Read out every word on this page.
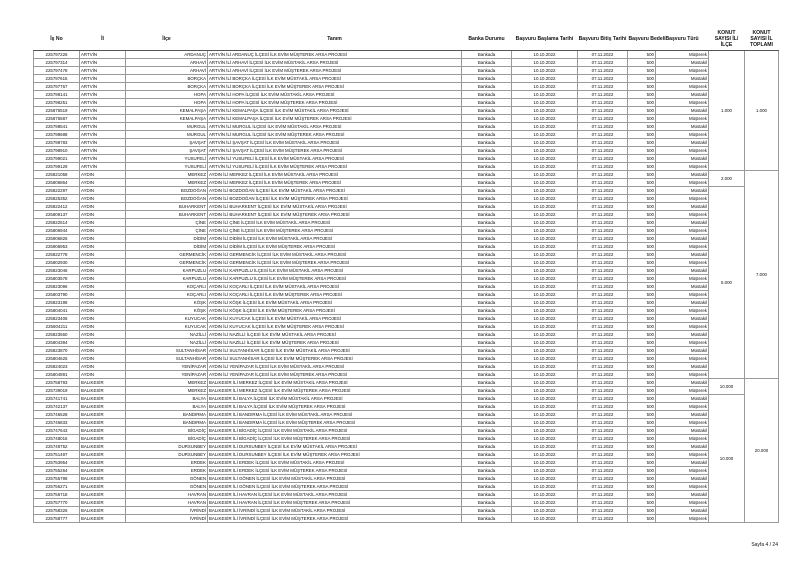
İş No	İl	İlçe	Tanım	Banka Durumu	Başvuru Başlama Tarihi	Başvuru Bitiş Tarihi	Başvuru Bedeli	Başvuru Türü	KONUT SAYISI İL/İLÇE	KONUT SAYISI İL TOPLAMI
225797226	ARTVİN	ARDANUÇ	ARTVİN İLİ ARDANUÇ İLÇESİ İLK EVİM MÜŞTEREK ARSA PROJESİ	Bankada	10.10.2022	07.11.2022	500	Müşterek	1.000	1.000
225797314	ARTVİN	ARHAVİ	ARTVİN İLİ ARHAVİ İLÇESİ İLK EVİM MÜSTAKİL ARSA PROJESİ	Bankada	10.10.2022	07.11.2022	500	Müstakil		
225797478	ARTVİN	ARHAVİ	ARTVİN İLİ ARHAVİ İLÇESİ İLK EVİM MÜŞTEREK ARSA PROJESİ	Bankada	10.10.2022	07.11.2022	500	Müşterek		
225797615	ARTVİN	BORÇKA	ARTVİN İLİ BORÇKA İLÇESİ İLK EVİM MÜSTAKİL ARSA PROJESİ	Bankada	10.10.2022	07.11.2022	500	Müstakil		
225797767	ARTVİN	BORÇKA	ARTVİN İLİ BORÇKA İLÇESİ İLK EVİM MÜŞTEREK ARSA PROJESİ	Bankada	10.10.2022	07.11.2022	500	Müşterek		
225798141	ARTVİN	HOPA	ARTVİN İLİ HOPA İLÇESİ İLK EVİM MÜSTAKİL ARSA PROJESİ	Bankada	10.10.2022	07.11.2022	500	Müstakil		
225798251	ARTVİN	HOPA	ARTVİN İLİ HOPA İLÇESİ İLK EVİM MÜŞTEREK ARSA PROJESİ	Bankada	10.10.2022	07.11.2022	500	Müşterek		
225875519	ARTVİN	KEMALPAŞA	ARTVİN İLİ KEMALPAŞA İLÇESİ İLK EVİM MÜSTAKİL ARSA PROJESİ	Bankada	10.10.2022	07.11.2022	500	Müstakil		
225875587	ARTVİN	KEMALPAŞA	ARTVİN İLİ KEMALPAŞA İLÇESİ İLK EVİM MÜŞTEREK ARSA PROJESİ	Bankada	10.10.2022	07.11.2022	500	Müşterek		
225798541	ARTVİN	MURGUL	ARTVİN İLİ MURGUL İLÇESİ İLK EVİM MÜSTAKİL ARSA PROJESİ	Bankada	10.10.2022	07.11.2022	500	Müstakil		
225798688	ARTVİN	MURGUL	ARTVİN İLİ MURGUL İLÇESİ İLK EVİM MÜŞTEREK ARSA PROJESİ	Bankada	10.10.2022	07.11.2022	500	Müşterek		
225798783	ARTVİN	ŞAVŞAT	ARTVİN İLİ ŞAVŞAT İLÇESİ İLK EVİM MÜSTAKİL ARSA PROJESİ	Bankada	10.10.2022	07.11.2022	500	Müstakil		
225798910	ARTVİN	ŞAVŞAT	ARTVİN İLİ ŞAVŞAT İLÇESİ İLK EVİM MÜŞTEREK ARSA PROJESİ	Bankada	10.10.2022	07.11.2022	500	Müşterek		
225799021	ARTVİN	YUSUFELİ	ARTVİN İLİ YUSUFELİ İLÇESİ İLK EVİM MÜSTAKİL ARSA PROJESİ	Bankada	10.10.2022	07.11.2022	500	Müstakil		
225799129	ARTVİN	YUSUFELİ	ARTVİN İLİ YUSUFELİ İLÇESİ İLK EVİM MÜŞTEREK ARSA PROJESİ	Bankada	10.10.2022	07.11.2022	500	Müşterek		
225821058	AYDIN	MERKEZ	AYDIN İLİ MERKEZ İLÇESİ İLK EVİM MÜSTAKİL ARSA PROJESİ	Bankada	10.10.2022	07.11.2022	500	Müstakil	2.000	7.000
225806864	AYDIN	MERKEZ	AYDIN İLİ MERKEZ İLÇESİ İLK EVİM MÜŞTEREK ARSA PROJESİ	Bankada	10.10.2022	07.11.2022	500	Müşterek		
225822297	AYDIN	BOZDOĞAN	AYDIN İLİ BOZDOĞAN İLÇESİ İLK EVİM MÜSTAKİL ARSA PROJESİ	Bankada	10.10.2022	07.11.2022	500	Müstakil	5.000	
225825352	AYDIN	BOZDOĞAN	AYDIN İLİ BOZDOĞAN İLÇESİ İLK EVİM MÜŞTEREK ARSA PROJESİ	Bankada	10.10.2022	07.11.2022	500	Müşterek		
225822412	AYDIN	BUHARKENT	AYDIN İLİ BUHARKENT İLÇESİ İLK EVİM MÜSTAKİL ARSA PROJESİ	Bankada	10.10.2022	07.11.2022	500	Müstakil		
225809137	AYDIN	BUHARKENT	AYDIN İLİ BUHARKENT İLÇESİ İLK EVİM MÜŞTEREK ARSA PROJESİ	Bankada	10.10.2022	07.11.2022	500	Müşterek		
225822514	AYDIN	ÇİNE	AYDIN İLİ ÇİNE İLÇESİ İLK EVİM MÜSTAKİL ARSA PROJESİ	Bankada	10.10.2022	07.11.2022	500	Müstakil		
225806944	AYDIN	ÇİNE	AYDIN İLİ ÇİNE İLÇESİ İLK EVİM MÜŞTEREK ARSA PROJESİ	Bankada	10.10.2022	07.11.2022	500	Müşterek		
225906826	AYDIN	DİDİM	AYDIN İLİ DİDİM İLÇESİ İLK EVİM MÜSTAKİL ARSA PROJESİ	Bankada	10.10.2022	07.11.2022	500	Müstakil		
225906953	AYDIN	DİDİM	AYDIN İLİ DİDİM İLÇESİ İLK EVİM MÜŞTEREK ARSA PROJESİ	Bankada	10.10.2022	07.11.2022	500	Müşterek		
225822778	AYDIN	GERMENCİK	AYDIN İLİ GERMENCİK İLÇESİ İLK EVİM MÜSTAKİL ARSA PROJESİ	Bankada	10.10.2022	07.11.2022	500	Müstakil		
225802930	AYDIN	GERMENCİK	AYDIN İLİ GERMENCİK İLÇESİ İLK EVİM MÜŞTEREK ARSA PROJESİ	Bankada	10.10.2022	07.11.2022	500	Müşterek		
225823046	AYDIN	KARPUZLU	AYDIN İLİ KARPUZLU İLÇESİ İLK EVİM MÜSTAKİL ARSA PROJESİ	Bankada	10.10.2022	07.11.2022	500	Müstakil		
225803578	AYDIN	KARPUZLU	AYDIN İLİ KARPUZLU İLÇESİ İLK EVİM MÜŞTEREK ARSA PROJESİ	Bankada	10.10.2022	07.11.2022	500	Müşterek		
225823096	AYDIN	KOÇARLI	AYDIN İLİ KOÇARLI İLÇESİ İLK EVİM MÜSTAKİL ARSA PROJESİ	Bankada	10.10.2022	07.11.2022	500	Müstakil		
225803790	AYDIN	KOÇARLI	AYDIN İLİ KOÇARLI İLÇESİ İLK EVİM MÜŞTEREK ARSA PROJESİ	Bankada	10.10.2022	07.11.2022	500	Müşterek		
225823198	AYDIN	KÖŞK	AYDIN İLİ KÖŞK İLÇESİ İLK EVİM MÜSTAKİL ARSA PROJESİ	Bankada	10.10.2022	07.11.2022	500	Müstakil		
225804041	AYDIN	KÖŞK	AYDIN İLİ KÖŞK İLÇESİ İLK EVİM MÜŞTEREK ARSA PROJESİ	Bankada	10.10.2022	07.11.2022	500	Müşterek		
225823406	AYDIN	KUYUCAK	AYDIN İLİ KUYUCAK İLÇESİ İLK EVİM MÜSTAKİL ARSA PROJESİ	Bankada	10.10.2022	07.11.2022	500	Müstakil		
225804211	AYDIN	KUYUCAK	AYDIN İLİ KUYUCAK İLÇESİ İLK EVİM MÜŞTEREK ARSA PROJESİ	Bankada	10.10.2022	07.11.2022	500	Müşterek		
225823560	AYDIN	NAZİLLİ	AYDIN İLİ NAZİLLİ İLÇESİ İLK EVİM MÜSTAKİL ARSA PROJESİ	Bankada	10.10.2022	07.11.2022	500	Müstakil		
225804394	AYDIN	NAZİLLİ	AYDIN İLİ NAZİLLİ İLÇESİ İLK EVİM MÜŞTEREK ARSA PROJESİ	Bankada	10.10.2022	07.11.2022	500	Müşterek		
225823870	AYDIN	SULTANHİSAR	AYDIN İLİ SULTANHİSAR İLÇESİ İLK EVİM MÜSTAKİL ARSA PROJESİ	Bankada	10.10.2022	07.11.2022	500	Müstakil		
225804625	AYDIN	SULTANHİSAR	AYDIN İLİ SULTANHİSAR İLÇESİ İLK EVİM MÜŞTEREK ARSA PROJESİ	Bankada	10.10.2022	07.11.2022	500	Müşterek		
225824023	AYDIN	YENİPAZAR	AYDIN İLİ YENİPAZAR İLÇESİ İLK EVİM MÜSTAKİL ARSA PROJESİ	Bankada	10.10.2022	07.11.2022	500	Müstakil		
225804891	AYDIN	YENİPAZAR	AYDIN İLİ YENİPAZAR İLÇESİ İLK EVİM MÜŞTEREK ARSA PROJESİ	Bankada	10.10.2022	07.11.2022	500	Müşterek		
225758793	BALIKESİR	MERKEZ	BALIKESİR İLİ MERKEZ İLÇESİ İLK EVİM MÜSTAKİL ARSA PROJESİ	Bankada	10.10.2022	07.11.2022	500	Müstakil	10.000	20.000
225739019	BALIKESİR	MERKEZ	BALIKESİR İLİ MERKEZ İLÇESİ İLK EVİM MÜŞTEREK ARSA PROJESİ	Bankada	10.10.2022	07.11.2022	500	Müşterek		
225741741	BALIKESİR	BALYA	BALIKESİR İLİ BALYA İLÇESİ İLK EVİM MÜSTAKİL ARSA PROJESİ	Bankada	10.10.2022	07.11.2022	500	Müstakil	10.000	
225742137	BALIKESİR	BALYA	BALIKESİR İLİ BALYA İLÇESİ İLK EVİM MÜŞTEREK ARSA PROJESİ	Bankada	10.10.2022	07.11.2022	500	Müşterek		
225746528	BALIKESİR	BANDIRMA	BALIKESİR İLİ BANDIRMA İLÇESİ İLK EVİM MÜSTAKİL ARSA PROJESİ	Bankada	10.10.2022	07.11.2022	500	Müstakil		
225746833	BALIKESİR	BANDIRMA	BALIKESİR İLİ BANDIRMA İLÇESİ İLK EVİM MÜŞTEREK ARSA PROJESİ	Bankada	10.10.2022	07.11.2022	500	Müşterek		
225747643	BALIKESİR	BİGADİÇ	BALIKESİR İLİ BİGADİÇ İLÇESİ İLK EVİM MÜSTAKİL ARSA PROJESİ	Bankada	10.10.2022	07.11.2022	500	Müstakil		
225748016	BALIKESİR	BİGADİÇ	BALIKESİR İLİ BİGADİÇ İLÇESİ İLK EVİM MÜŞTEREK ARSA PROJESİ	Bankada	10.10.2022	07.11.2022	500	Müşterek		
225749752	BALIKESİR	DURSUNBEY	BALIKESİR İLİ DURSUNBEY İLÇESİ İLK EVİM MÜSTAKİL ARSA PROJESİ	Bankada	10.10.2022	07.11.2022	500	Müstakil		
225751497	BALIKESİR	DURSUNBEY	BALIKESİR İLİ DURSUNBEY İLÇESİ İLK EVİM MÜŞTEREK ARSA PROJESİ	Bankada	10.10.2022	07.11.2022	500	Müşterek		
225753954	BALIKESİR	ERDEK	BALIKESİR İLİ ERDEK İLÇESİ İLK EVİM MÜSTAKİL ARSA PROJESİ	Bankada	10.10.2022	07.11.2022	500	Müstakil		
225755264	BALIKESİR	ERDEK	BALIKESİR İLİ ERDEK İLÇESİ İLK EVİM MÜŞTEREK ARSA PROJESİ	Bankada	10.10.2022	07.11.2022	500	Müşterek		
225755798	BALIKESİR	GÖNEN	BALIKESİR İLİ GÖNEN İLÇESİ İLK EVİM MÜSTAKİL ARSA PROJESİ	Bankada	10.10.2022	07.11.2022	500	Müstakil		
225756271	BALIKESİR	GÖNEN	BALIKESİR İLİ GÖNEN İLÇESİ İLK EVİM MÜŞTEREK ARSA PROJESİ	Bankada	10.10.2022	07.11.2022	500	Müşterek		
225756718	BALIKESİR	HAVRAN	BALIKESİR İLİ HAVRAN İLÇESİ İLK EVİM MÜSTAKİL ARSA PROJESİ	Bankada	10.10.2022	07.11.2022	500	Müstakil		
225757770	BALIKESİR	HAVRAN	BALIKESİR İLİ HAVRAN İLÇESİ İLK EVİM MÜŞTEREK ARSA PROJESİ	Bankada	10.10.2022	07.11.2022	500	Müşterek		
225758326	BALIKESİR	İVRİNDİ	BALIKESİR İLİ İVRİNDİ İLÇESİ İLK EVİM MÜSTAKİL ARSA PROJESİ	Bankada	10.10.2022	07.11.2022	500	Müstakil		
225758777	BALIKESİR	İVRİNDİ	BALIKESİR İLİ İVRİNDİ İLÇESİ İLK EVİM MÜŞTEREK ARSA PROJESİ	Bankada	10.10.2022	07.11.2022	500	Müşterek		
Sayfa 4 / 24
